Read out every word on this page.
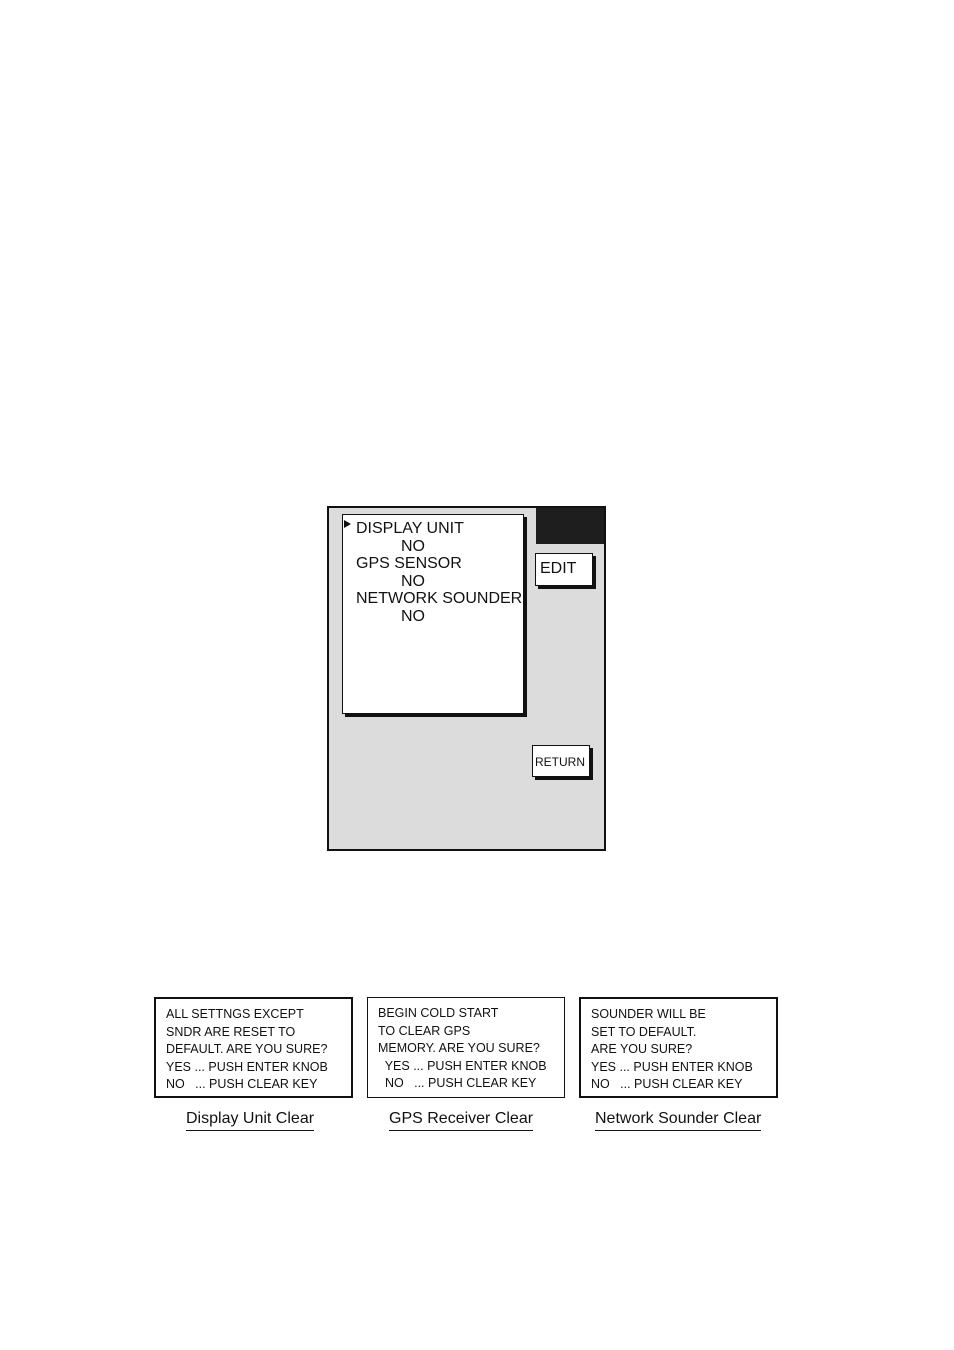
DISPLAY UNIT
NO
GPS SENSOR
NO
NETWORK SOUNDER
NO
EDIT
RETURN
ALL SETTNGS EXCEPT
SNDR ARE RESET TO
DEFAULT. ARE YOU SURE?
YES ... PUSH ENTER KNOB
NO   ... PUSH CLEAR KEY
BEGIN COLD START
TO CLEAR GPS
MEMORY. ARE YOU SURE?
YES ... PUSH ENTER KNOB
NO   ... PUSH CLEAR KEY
SOUNDER WILL BE
SET TO DEFAULT.
ARE YOU SURE?
YES ... PUSH ENTER KNOB
NO   ... PUSH CLEAR KEY
Display Unit Clear	GPS Receiver Clear	Network Sounder Clear
